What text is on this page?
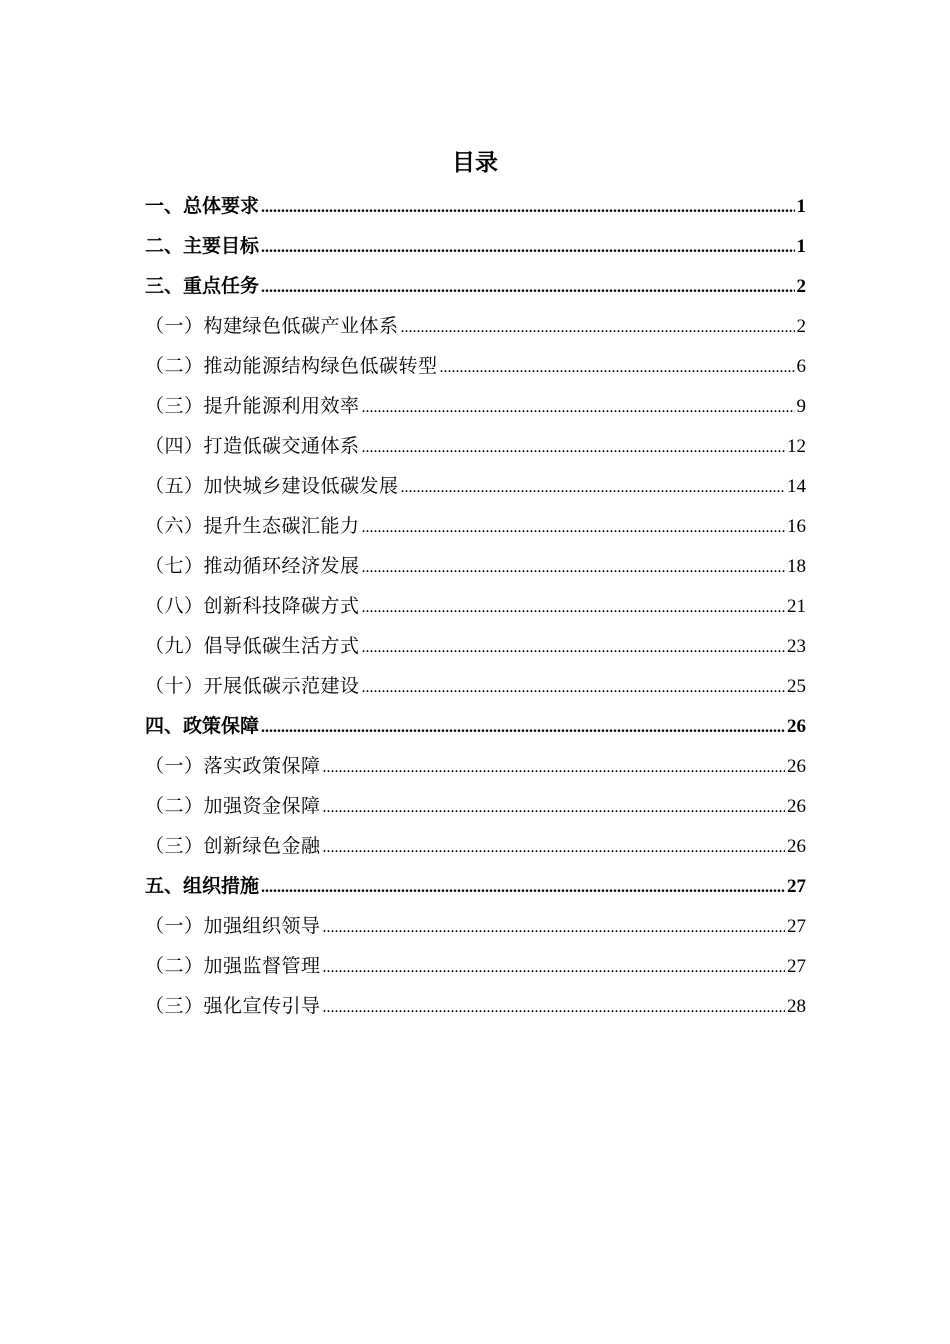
目录
一、总体要求 .....	1
二、主要目标 .....	1
三、重点任务 .....	2
（一）构建绿色低碳产业体系 .....	2
（二）推动能源结构绿色低碳转型 .....	6
（三）提升能源利用效率 .....	9
（四）打造低碳交通体系 .....	12
（五）加快城乡建设低碳发展 .....	14
（六）提升生态碳汇能力 .....	16
（七）推动循环经济发展 .....	18
（八）创新科技降碳方式 .....	21
（九）倡导低碳生活方式 .....	23
（十）开展低碳示范建设 .....	25
四、政策保障 .....	26
（一）落实政策保障 .....	26
（二）加强资金保障 .....	26
（三）创新绿色金融 .....	26
五、组织措施 .....	27
（一）加强组织领导 .....	27
（二）加强监督管理 .....	27
（三）强化宣传引导 .....	28
